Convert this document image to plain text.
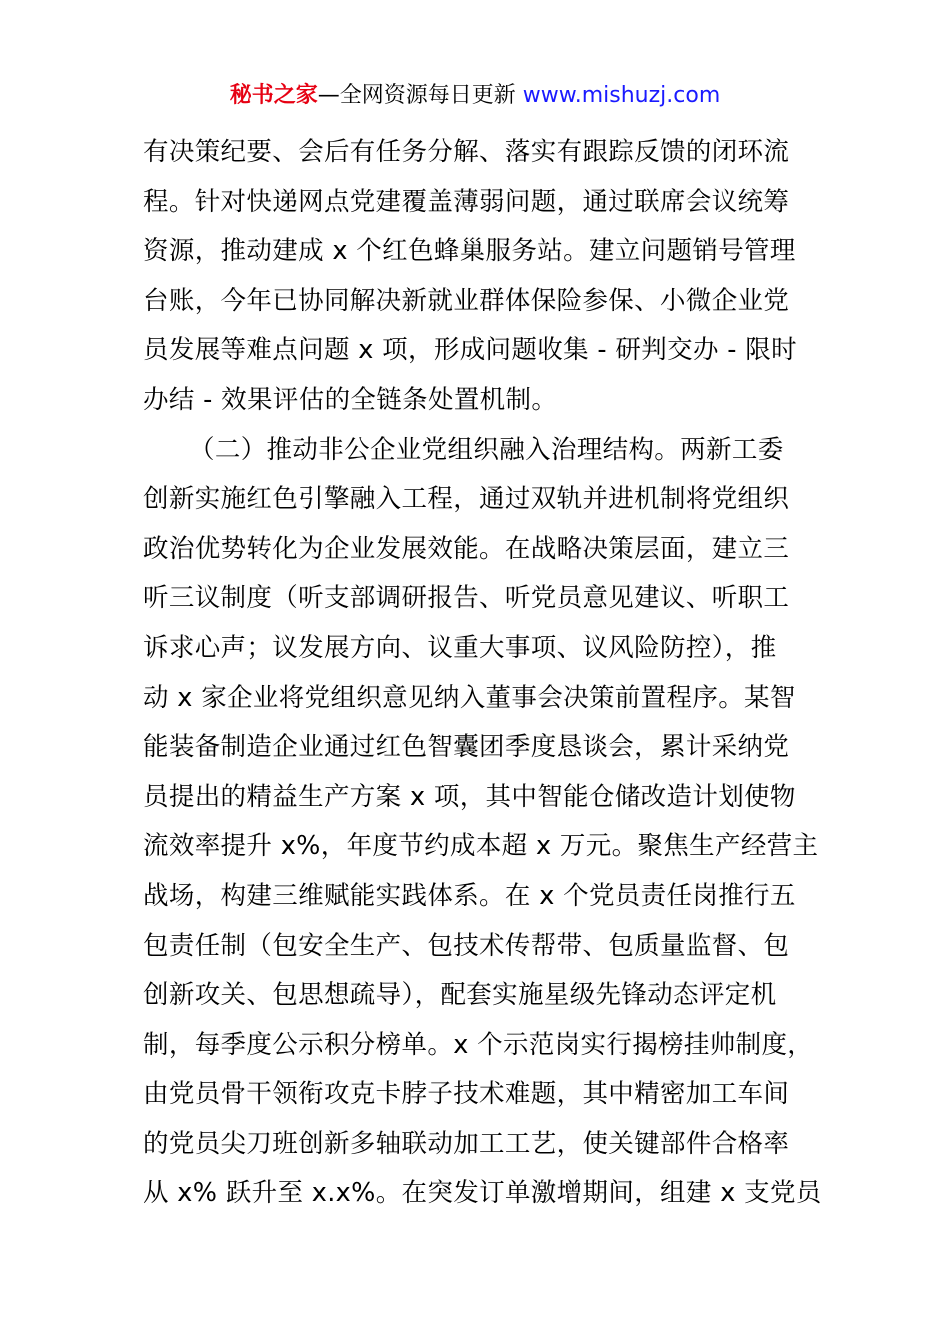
秘书之家—全网资源每日更新 www.mishuzj.com
有决策纪要、会后有任务分解、落实有跟踪反馈的闭环流
程。针对快递网点党建覆盖薄弱问题，通过联席会议统筹
资源，推动建成 x 个红色蜂巢服务站。建立问题销号管理
台账，今年已协同解决新就业群体保险参保、小微企业党
员发展等难点问题 x 项，形成问题收集 - 研判交办 - 限时
办结 - 效果评估的全链条处置机制。
（二）推动非公企业党组织融入治理结构。两新工委
创新实施红色引擎融入工程，通过双轨并进机制将党组织
政治优势转化为企业发展效能。在战略决策层面，建立三
听三议制度（听支部调研报告、听党员意见建议、听职工
诉求心声；议发展方向、议重大事项、议风险防控），推
动 x 家企业将党组织意见纳入董事会决策前置程序。某智
能装备制造企业通过红色智囊团季度恳谈会，累计采纳党
员提出的精益生产方案 x 项，其中智能仓储改造计划使物
流效率提升 x%，年度节约成本超 x 万元。聚焦生产经营主
战场，构建三维赋能实践体系。在 x 个党员责任岗推行五
包责任制（包安全生产、包技术传帮带、包质量监督、包
创新攻关、包思想疏导），配套实施星级先锋动态评定机
制，每季度公示积分榜单。x 个示范岗实行揭榜挂帅制度，
由党员骨干领衔攻克卡脖子技术难题，其中精密加工车间
的党员尖刀班创新多轴联动加工工艺，使关键部件合格率
从 x% 跃升至 x.x%。在突发订单激增期间，组建 x 支党员
